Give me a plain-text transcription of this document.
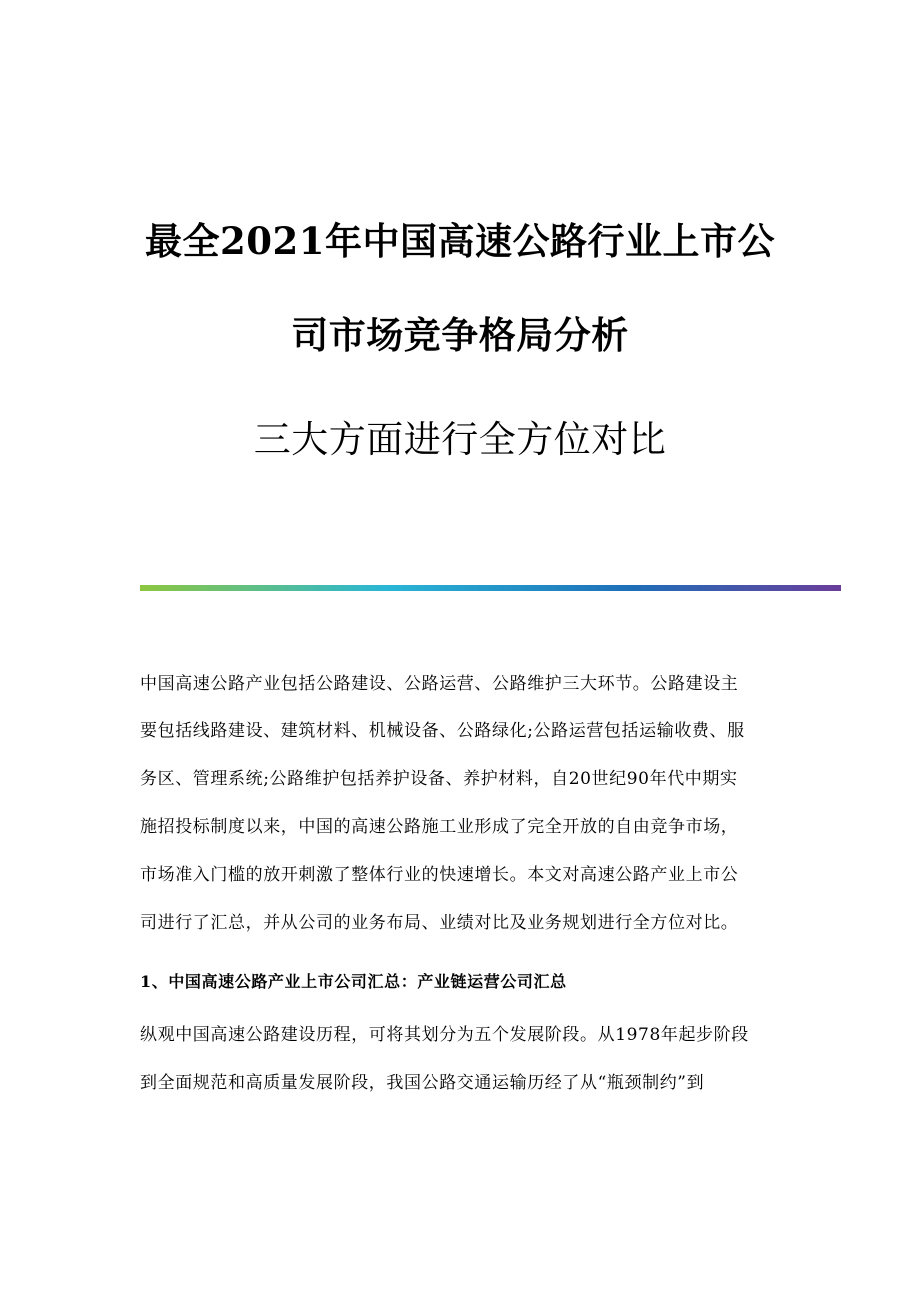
最全2021年中国高速公路行业上市公
司市场竞争格局分析
三大方面进行全方位对比
中国高速公路产业包括公路建设、公路运营、公路维护三大环节。公路建设主
要包括线路建设、建筑材料、机械设备、公路绿化;公路运营包括运输收费、服
务区、管理系统;公路维护包括养护设备、养护材料，自20世纪90年代中期实
施招投标制度以来，中国的高速公路施工业形成了完全开放的自由竞争市场，
市场准入门槛的放开刺激了整体行业的快速增长。本文对高速公路产业上市公
司进行了汇总，并从公司的业务布局、业绩对比及业务规划进行全方位对比。
1、中国高速公路产业上市公司汇总：产业链运营公司汇总
纵观中国高速公路建设历程，可将其划分为五个发展阶段。从1978年起步阶段
到全面规范和高质量发展阶段，我国公路交通运输历经了从“瓶颈制约”到
